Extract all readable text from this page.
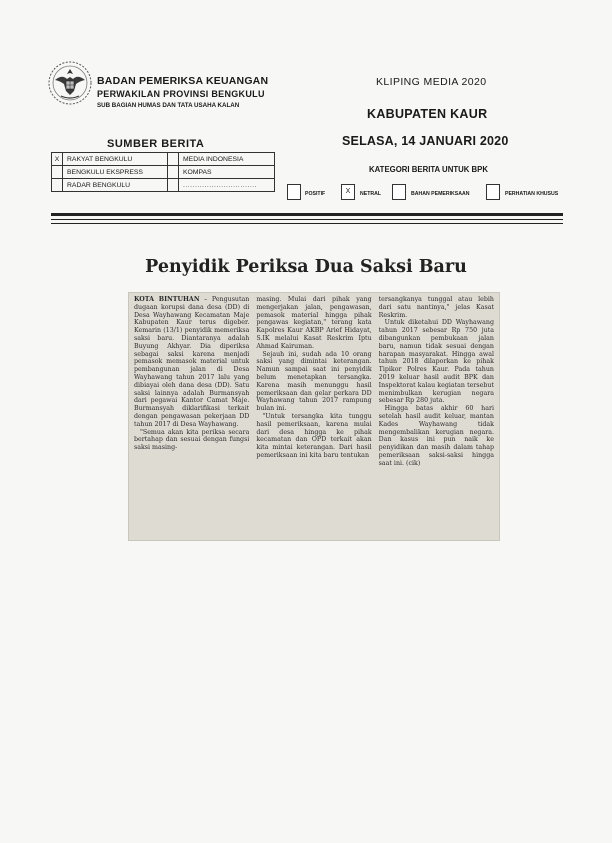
BADAN PEMERIKSA KEUANGAN
PERWAKILAN PROVINSI BENGKULU
SUB BAGIAN HUMAS DAN TATA USAHA KALAN
KLIPING MEDIA 2020
KABUPATEN KAUR
SELASA, 14 JANUARI 2020
SUMBER BERITA
X	RAKYAT BENGKULU		MEDIA INDONESIA
	BENGKULU EKSPRESS		KOMPAS
	RADAR BENGKULU		...............................
KATEGORI BERITA UNTUK BPK
POSITIF	X	NETRAL	BAHAN PEMERIKSAAN	PERHATIAN KHUSUS
Penyidik Periksa Dua Saksi Baru

KOTA BINTUHAN – Pengusutan dugaan korupsi dana desa (DD) di Desa Wayhawang Kecamatan Maje Kabupaten Kaur terus digeber. Kemarin (13/1) penyidik memeriksa saksi baru. Diantaranya adalah Buyung Akhyar. Dia diperiksa sebagai saksi karena menjadi pemasok memasok material untuk pembangunan jalan di Desa Wayhawang tahun 2017 lalu yang dibiayai oleh dana desa (DD). Satu saksi lainnya adalah Burmansyah dari pegawai Kantor Camat Maje. Burmansyah diklarifikasi terkait dengan pengawasan pekerjaan DD tahun 2017 di Desa Wayhawang.

"Semua akan kita periksa secara bertahap dan sesuai dengan fungsi saksi masing-

masing. Mulai dari pihak yang mengerjakan jalan, pengawasan, pemasok material hingga pihak pengawas kegiatan," terang kata Kapolres Kaur AKBP Arief Hidayat, S.IK melalui Kasat Reskrim Iptu Ahmad Kairuman.

Sejauh ini, sudah ada 10 orang saksi yang dimintai keterangan. Namun sampai saat ini penyidik belum menetapkan tersangka. Karena masih menunggu hasil pemeriksaan dan gelar perkara DD Wayhawang tahun 2017 rampung bulan ini.

"Untuk tersangka kita tunggu hasil pemeriksaan, karena mulai dari desa hingga ke pihak kecamatan dan OPD terkait akan kita mintai keterangan. Dari hasil pemeriksaan ini kita baru tentukan

tersangkanya tunggal atau lebih dari satu nantinya," jelas Kasat Reskrim.

Untuk diketahui DD Wayhawang tahun 2017 sebesar Rp 750 juta dibangunkan pembukaan jalan baru, namun tidak sesuai dengan harapan masyarakat. Hingga awal tahun 2018 dilaporkan ke pihak Tipikor Polres Kaur. Pada tahun 2019 keluar hasil audit BPK dan Inspektorat kalau kegiatan tersebut menimbulkan kerugian negara sebesar Rp 280 juta.

Hingga batas akhir 60 hari setelah hasil audit keluar, mantan Kades Wayhawang tidak mengembalikan kerugian negara. Dan kasus ini pun naik ke penyidikan dan masih dalam tahap pemeriksaan saksi-saksi hingga saat ini. (cik)
